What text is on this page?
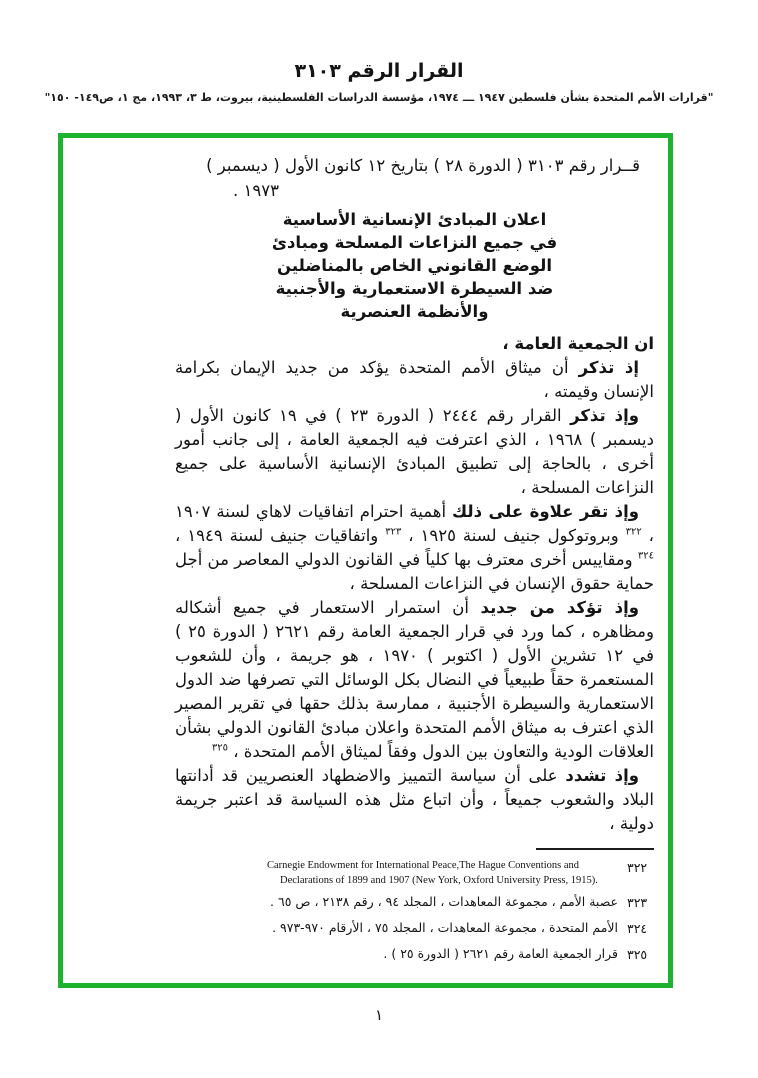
القرار الرقم ٣١٠٣
"قرارات الأمم المتحدة بشأن فلسطين ١٩٤٧ ـــ ١٩٧٤، مؤسسة الدراسات الفلسطينية، بيروت، ط ٣، ١٩٩٣، مج ١، ص١٤٩- ١٥٠"
قــرار رقم ٣١٠٣ ( الدورة ٢٨ ) بتاريخ ١٢ كانون الأول ( ديسمبر )
١٩٧٣ .
اعلان المبادئ الإنسانية الأساسية
في جميع النزاعات المسلحة ومبادئ
الوضع القانوني الخاص بالمناضلين
ضد السيطرة الاستعمارية والأجنبية
والأنظمة العنصرية
ان الجمعية العامة ،

إذ تذكر أن ميثاق الأمم المتحدة يؤكد من جديد الإيمان بكرامة الإنسان وقيمته ،

وإذ تذكر القرار رقم ٢٤٤٤ ( الدورة ٢٣ ) في ١٩ كانون الأول ( ديسمبر ) ١٩٦٨ ، الذي اعترفت فيه الجمعية العامة ، إلى جانب أمور أخرى ، بالحاجة إلى تطبيق المبادئ الإنسانية الأساسية على جميع النزاعات المسلحة ،

وإذ تقر علاوة على ذلك أهمية احترام اتفاقيات لاهاي لسنة ١٩٠٧ ، $^{٣٢٢}$ وبروتوكول جنيف لسنة ١٩٢٥ ، $^{٣٢٣}$ واتفاقيات جنيف لسنة ١٩٤٩ ، $^{٣٢٤}$ ومقاييس أخرى معترف بها كلياً في القانون الدولي المعاصر من أجل حماية حقوق الإنسان في النزاعات المسلحة ،

وإذ تؤكد من جديد أن استمرار الاستعمار في جميع أشكاله ومظاهره ، كما ورد في قرار الجمعية العامة رقم ٢٦٢١ ( الدورة ٢٥ ) في ١٢ تشرين الأول ( اكتوبر ) ١٩٧٠ ، هو جريمة ، وأن للشعوب المستعمرة حقاً طبيعياً في النضال بكل الوسائل التي تصرفها ضد الدول الاستعمارية والسيطرة الأجنبية ، ممارسة بذلك حقها في تقرير المصير الذي اعترف به ميثاق الأمم المتحدة واعلان مبادئ القانون الدولي بشأن العلاقات الودية والتعاون بين الدول وفقاً لميثاق الأمم المتحدة ، $^{٣٢٥}$

وإذ تشدد على أن سياسة التمييز والاضطهاد العنصريين قد أدانتها البلاد والشعوب جميعاً ، وأن اتباع مثل هذه السياسة قد اعتبر جريمة دولية ،

٣٢٢
Carnegie Endowment for International Peace,The Hague Conventions and Declarations of 1899 and 1907 (New York, Oxford University Press, 1915).
٣٢٣
عصبة الأمم ، مجموعة المعاهدات ، المجلد ٩٤ ، رقم ٢١٣٨ ، ص ٦٥ .
٣٢٤
الأمم المتحدة ، مجموعة المعاهدات ، المجلد ٧٥ ، الأرقام ٩٧٠-٩٧٣ .
٣٢٥
قرار الجمعية العامة رقم ٢٦٢١ ( الدورة ٢٥ ) .
١
